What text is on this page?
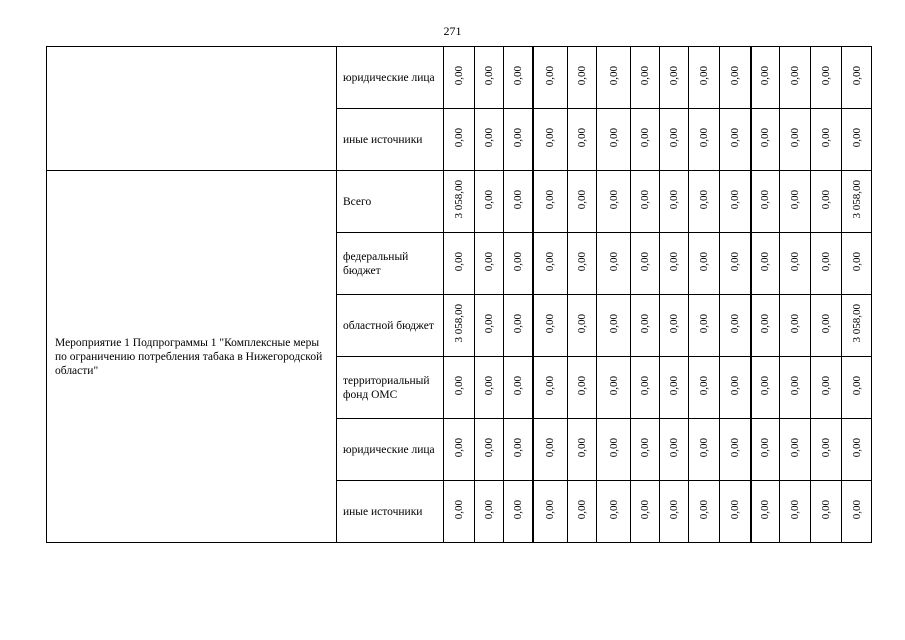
271
	юридические лица	0,00	0,00	0,00	0,00	0,00	0,00	0,00	0,00	0,00	0,00	0,00	0,00	0,00	0,00
	иные источники	0,00	0,00	0,00	0,00	0,00	0,00	0,00	0,00	0,00	0,00	0,00	0,00	0,00	0,00
Мероприятие 1 Подпрограммы 1 "Комплексные меры по ограничению потребления табака в Нижегородской области"	Всего	3 058,00	0,00	0,00	0,00	0,00	0,00	0,00	0,00	0,00	0,00	0,00	0,00	0,00	3 058,00
	федеральный бюджет	0,00	0,00	0,00	0,00	0,00	0,00	0,00	0,00	0,00	0,00	0,00	0,00	0,00	0,00
	областной бюджет	3 058,00	0,00	0,00	0,00	0,00	0,00	0,00	0,00	0,00	0,00	0,00	0,00	0,00	3 058,00
	территориальный фонд ОМС	0,00	0,00	0,00	0,00	0,00	0,00	0,00	0,00	0,00	0,00	0,00	0,00	0,00	0,00
	юридические лица	0,00	0,00	0,00	0,00	0,00	0,00	0,00	0,00	0,00	0,00	0,00	0,00	0,00	0,00
	иные источники	0,00	0,00	0,00	0,00	0,00	0,00	0,00	0,00	0,00	0,00	0,00	0,00	0,00	0,00
